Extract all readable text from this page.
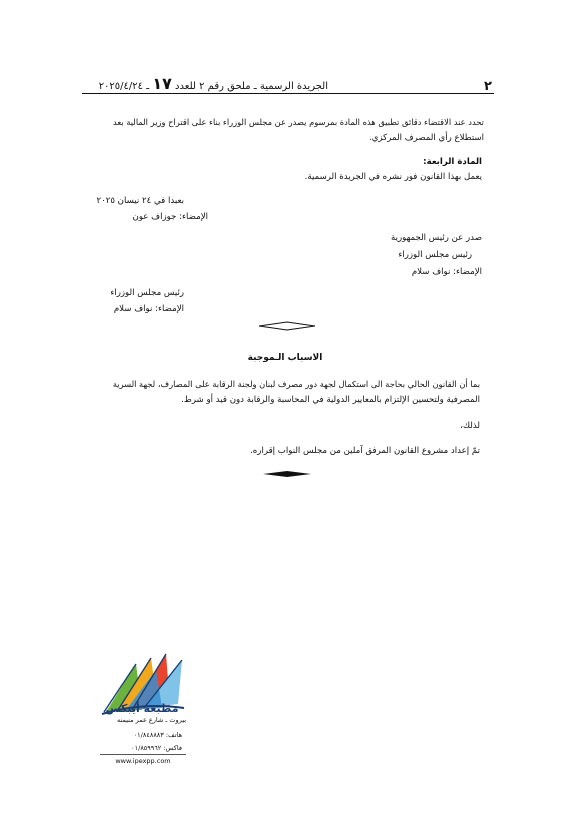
٢
الجريدة الرسمية ـ ملحق رقم ٢ للعدد ١٧ ـ ٢٠٢٥/٤/٢٤
تحدد عند الاقتضاء دقائق تطبيق هذه المادة بمرسوم يصدر عن مجلس الوزراء بناء على اقتراح وزير المالية بعد
استطلاع رأي المصرف المركزي.
المادة الرابعة:
يعمل بهذا القانون فور نشره في الجريدة الرسمية.
بعبدا في ٢٤ نيسان ٢٠٢٥
الإمضاء: جوزاف عون
صدر عن رئيس الجمهورية
رئيس مجلس الوزراء
الإمضاء: نواف سلام
رئيس مجلس الوزراء
الإمضاء: نواف سلام
الاسباب الـموجبة
بما أن القانون الحالي بحاجة الى استكمال لجهة دور مصرف لبنان ولجنة الرقابة على المصارف، لجهة السرية
المصرفية ولتحسين الإلتزام بالمعايير الدولية في المحاسبة والرقابة دون قيد أو شرط.
لذلك،
تمّ إعداد مشروع القانون المرفق آملين من مجلس النواب إقراره.
مطبعة أيبكس
بيروت ـ شارع عمر منيمنه
هاتف: ٠١/٨٤٨٨٨٣
فاكس: ٠١/٨٥٩٩٦٢
www.ipexpp.com
